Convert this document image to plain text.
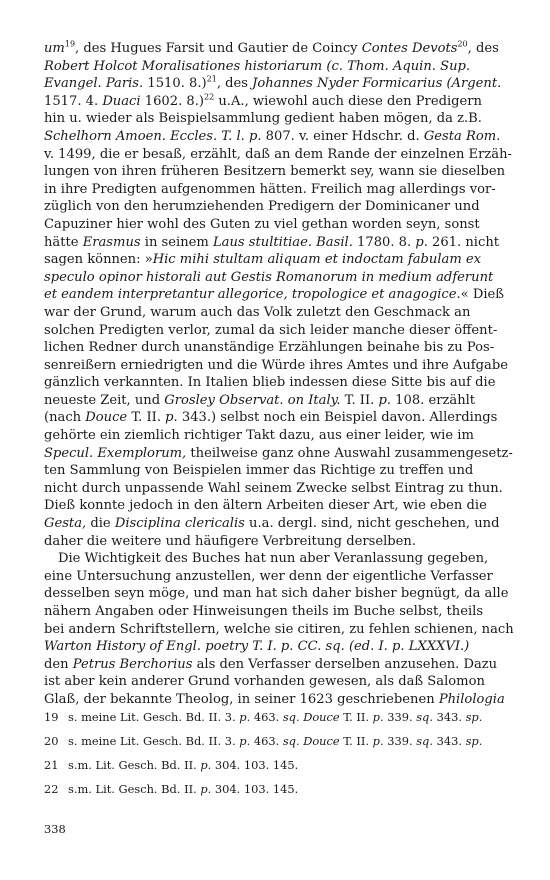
$um^{19}$, des Hugues Farsit und Gautier de Coincy Contes Devots$^{20}$, des
Robert Holcot Moralisationes historiarum (c. Thom. Aquin. Sup.
Evangel. Paris. 1510. 8.)$^{21}$, des Johannes Nyder Formicarius (Argent.
1517. 4. Duaci 1602. 8.)$^{22}$ u.A., wiewohl auch diese den Predigern
hin u. wieder als Beispielsammlung gedient haben mögen, da z.B.
Schelhorn Amoen. Eccles. T. l. p. 807. v. einer Hdschr. d. Gesta Rom.
v. 1499, die er besaß, erzählt, daß an dem Rande der einzelnen Erzäh-
lungen von ihren früheren Besitzern bemerkt sey, wann sie dieselben
in ihre Predigten aufgenommen hätten. Freilich mag allerdings vor-
züglich von den herumziehenden Predigern der Dominicaner und
Capuziner hier wohl des Guten zu viel gethan worden seyn, sonst
hätte Erasmus in seinem Laus stultitiae. Basil. 1780. 8. p. 261. nicht
sagen können: »Hic mihi stultam aliquam et indoctam fabulam ex
speculo opinor historali aut Gestis Romanorum in medium adferunt
et eandem interpretantur allegorice, tropologice et anagogice.« Dieß
war der Grund, warum auch das Volk zuletzt den Geschmack an
solchen Predigten verlor, zumal da sich leider manche dieser öffent-
lichen Redner durch unanständige Erzählungen beinahe bis zu Pos-
senreißern erniedrigten und die Würde ihres Amtes und ihre Aufgabe
gänzlich verkannten. In Italien blieb indessen diese Sitte bis auf die
neueste Zeit, und Grosley Observat. on Italy. T. II. p. 108. erzählt
(nach Douce T. II. p. 343.) selbst noch ein Beispiel davon. Allerdings
gehörte ein ziemlich richtiger Takt dazu, aus einer leider, wie im
Specul. Exemplorum, theilweise ganz ohne Auswahl zusammengesetz-
ten Sammlung von Beispielen immer das Richtige zu treffen und
nicht durch unpassende Wahl seinem Zwecke selbst Eintrag zu thun.
Dieß konnte jedoch in den ältern Arbeiten dieser Art, wie eben die
Gesta, die Disciplina clericalis u.a. dergl. sind, nicht geschehen, und
daher die weitere und häufigere Verbreitung derselben.
Die Wichtigkeit des Buches hat nun aber Veranlassung gegeben,
eine Untersuchung anzustellen, wer denn der eigentliche Verfasser
desselben seyn möge, und man hat sich daher bisher begnügt, da alle
nähern Angaben oder Hinweisungen theils im Buche selbst, theils
bei andern Schriftstellern, welche sie citiren, zu fehlen schienen, nach
Warton History of Engl. poetry T. I. p. CC. sq. (ed. I. p. LXXXVI.)
den Petrus Berchorius als den Verfasser derselben anzusehen. Dazu
ist aber kein anderer Grund vorhanden gewesen, als daß Salomon
Glaß, der bekannte Theolog, in seiner 1623 geschriebenen Philologia
19 s. meine Lit. Gesch. Bd. II. 3. p. 463. sq. Douce T. II. p. 339. sq. 343. sp.
20 s. meine Lit. Gesch. Bd. II. 3. p. 463. sq. Douce T. II. p. 339. sq. 343. sp.
21 s.m. Lit. Gesch. Bd. II. p. 304. 103. 145.
22 s.m. Lit. Gesch. Bd. II. p. 304. 103. 145.
338
